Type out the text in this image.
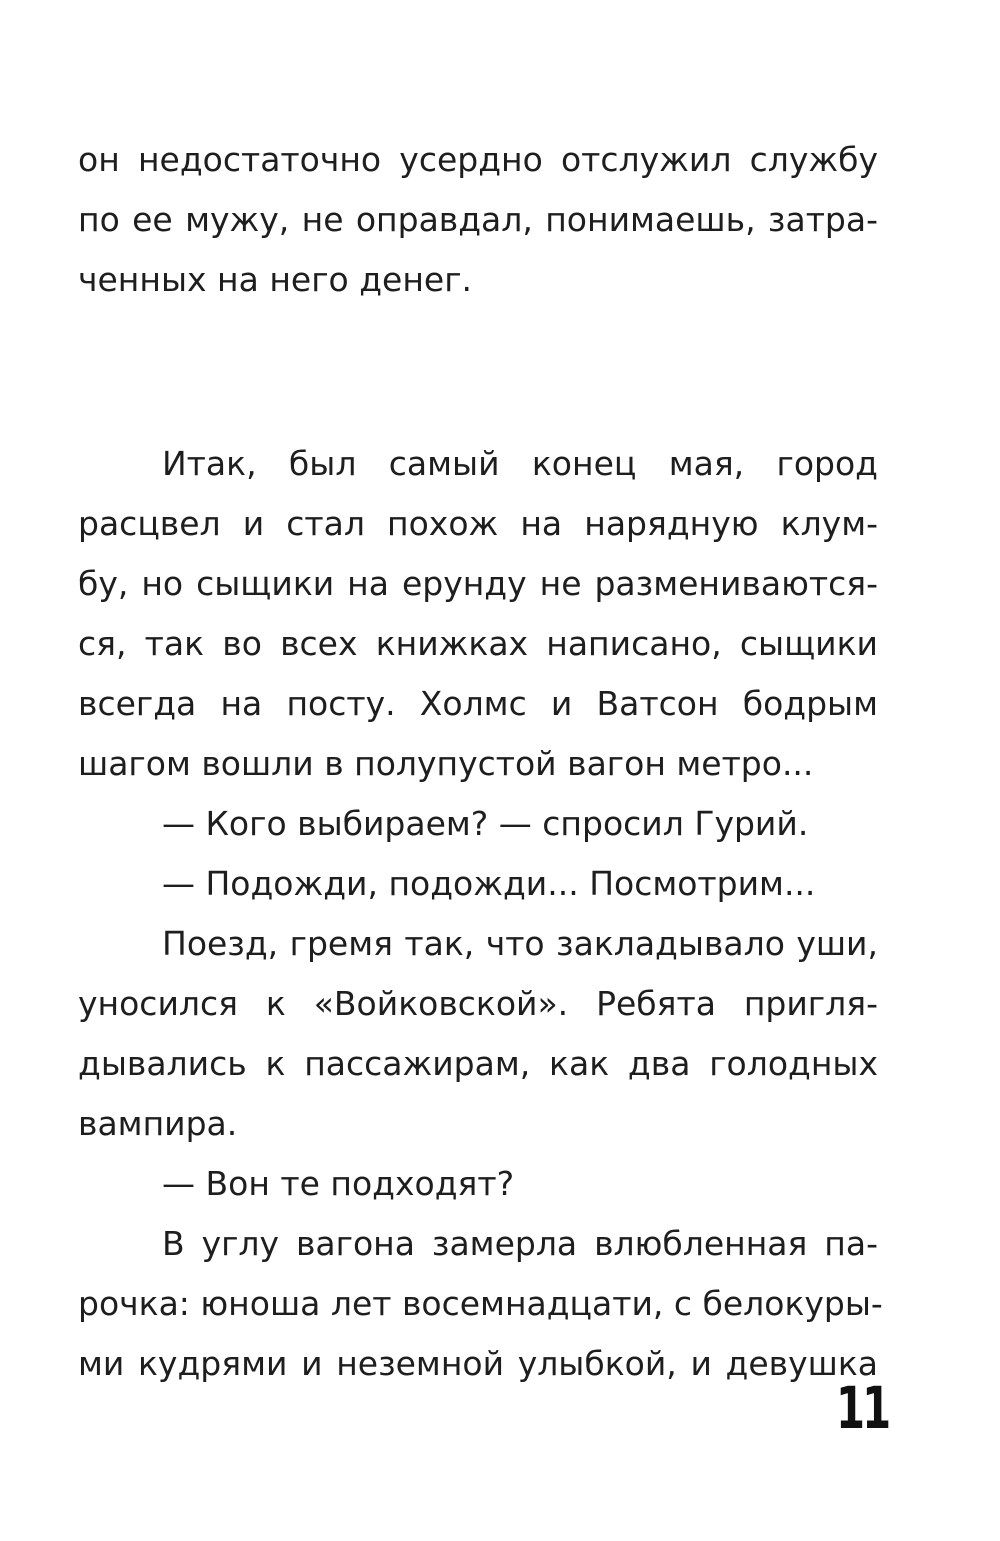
он недостаточно усердно отслужил службу
по ее мужу, не оправдал, понимаешь, затра-
ченных на него денег.
Итак, был самый конец мая, город
расцвел и стал похож на нарядную клум-
бу, но сыщики на ерунду не размениваются-
ся, так во всех книжках написано, сыщики
всегда на посту. Холмс и Ватсон бодрым
шагом вошли в полупустой вагон метро...
— Кого выбираем? — спросил Гурий.
— Подожди, подожди... Посмотрим...
Поезд, гремя так, что закладывало уши,
уносился к «Войковской». Ребята пригля-
дывались к пассажирам, как два голодных
вампира.
— Вон те подходят?
В углу вагона замерла влюбленная па-
рочка: юноша лет восемнадцати, с белокуры-
ми кудрями и неземной улыбкой, и девушка
11
